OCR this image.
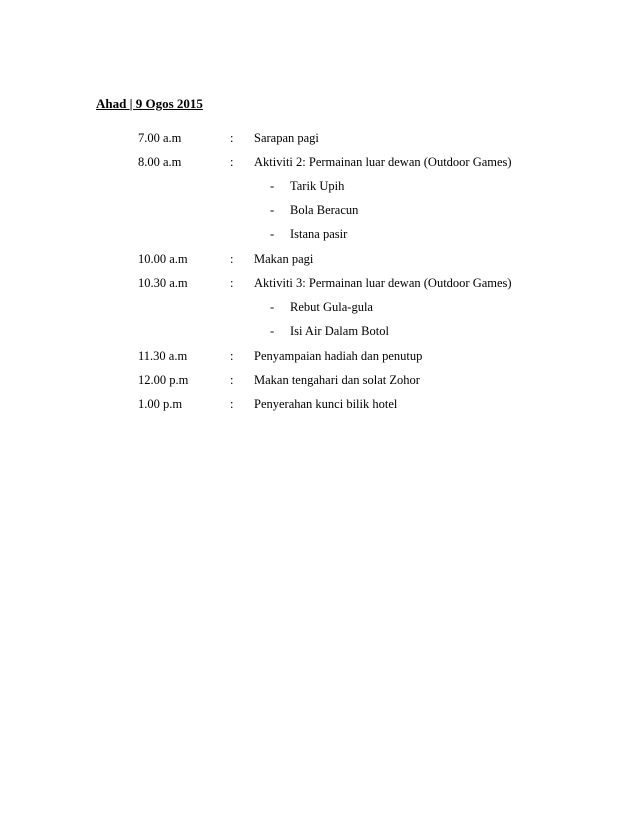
Ahad | 9 Ogos 2015
7.00 a.m	: Sarapan pagi
8.00 a.m	: Aktiviti 2: Permainan luar dewan (Outdoor Games)
- Tarik Upih
- Bola Beracun
- Istana pasir
10.00 a.m	: Makan pagi
10.30 a.m	: Aktiviti 3: Permainan luar dewan (Outdoor Games)
- Rebut Gula-gula
- Isi Air Dalam Botol
11.30 a.m	: Penyampaian hadiah dan penutup
12.00 p.m	: Makan tengahari dan solat Zohor
1.00 p.m	: Penyerahan kunci bilik hotel
